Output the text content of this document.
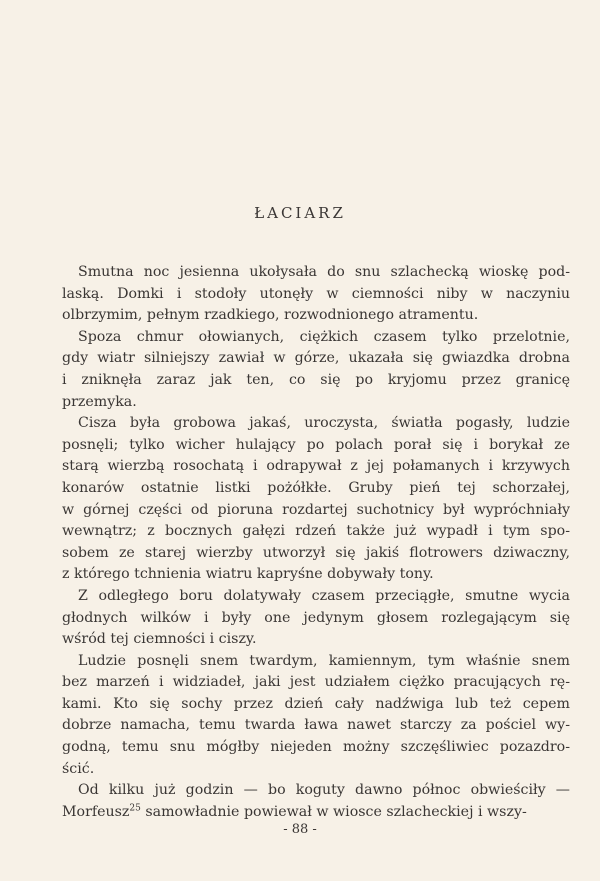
ŁACIARZ
Smutna noc jesienna ukołysała do snu szlachecką wioskę pod-
laską. Domki i stodoły utonęły w ciemności niby w naczyniu
olbrzymim, pełnym rzadkiego, rozwodnionego atramentu.
Spoza chmur ołowianych, ciężkich czasem tylko przelotnie,
gdy wiatr silniejszy zawiał w górze, ukazała się gwiazdka drobna
i zniknęła zaraz jak ten, co się po kryjomu przez granicę
przemyka.
Cisza była grobowa jakaś, uroczysta, światła pogasły, ludzie
posnęli; tylko wicher hulający po polach porał się i borykał ze
starą wierzbą rosochatą i odrapywał z jej połamanych i krzywych
konarów ostatnie listki pożółkłe. Gruby pień tej schorzałej,
w górnej części od pioruna rozdartej suchotnicy był wypróchniały
wewnątrz; z bocznych gałęzi rdzeń także już wypadł i tym spo-
sobem ze starej wierzby utworzył się jakiś flotrowers dziwaczny,
z którego tchnienia wiatru kapryśne dobywały tony.
Z odległego boru dolatywały czasem przeciągłe, smutne wycia
głodnych wilków i były one jedynym głosem rozlegającym się
wśród tej ciemności i ciszy.
Ludzie posnęli snem twardym, kamiennym, tym właśnie snem
bez marzeń i widziadeł, jaki jest udziałem ciężko pracujących rę-
kami. Kto się sochy przez dzień cały nadźwiga lub też cepem
dobrze namacha, temu twarda ława nawet starczy za pościel wy-
godną, temu snu mógłby niejeden możny szczęśliwiec pozazdro-
ścić.
Od kilku już godzin — bo koguty dawno północ obwieściły —
Morfeusz$^{25}$ samowładnie powiewał w wiosce szlacheckiej i wszy-
- 88 -
